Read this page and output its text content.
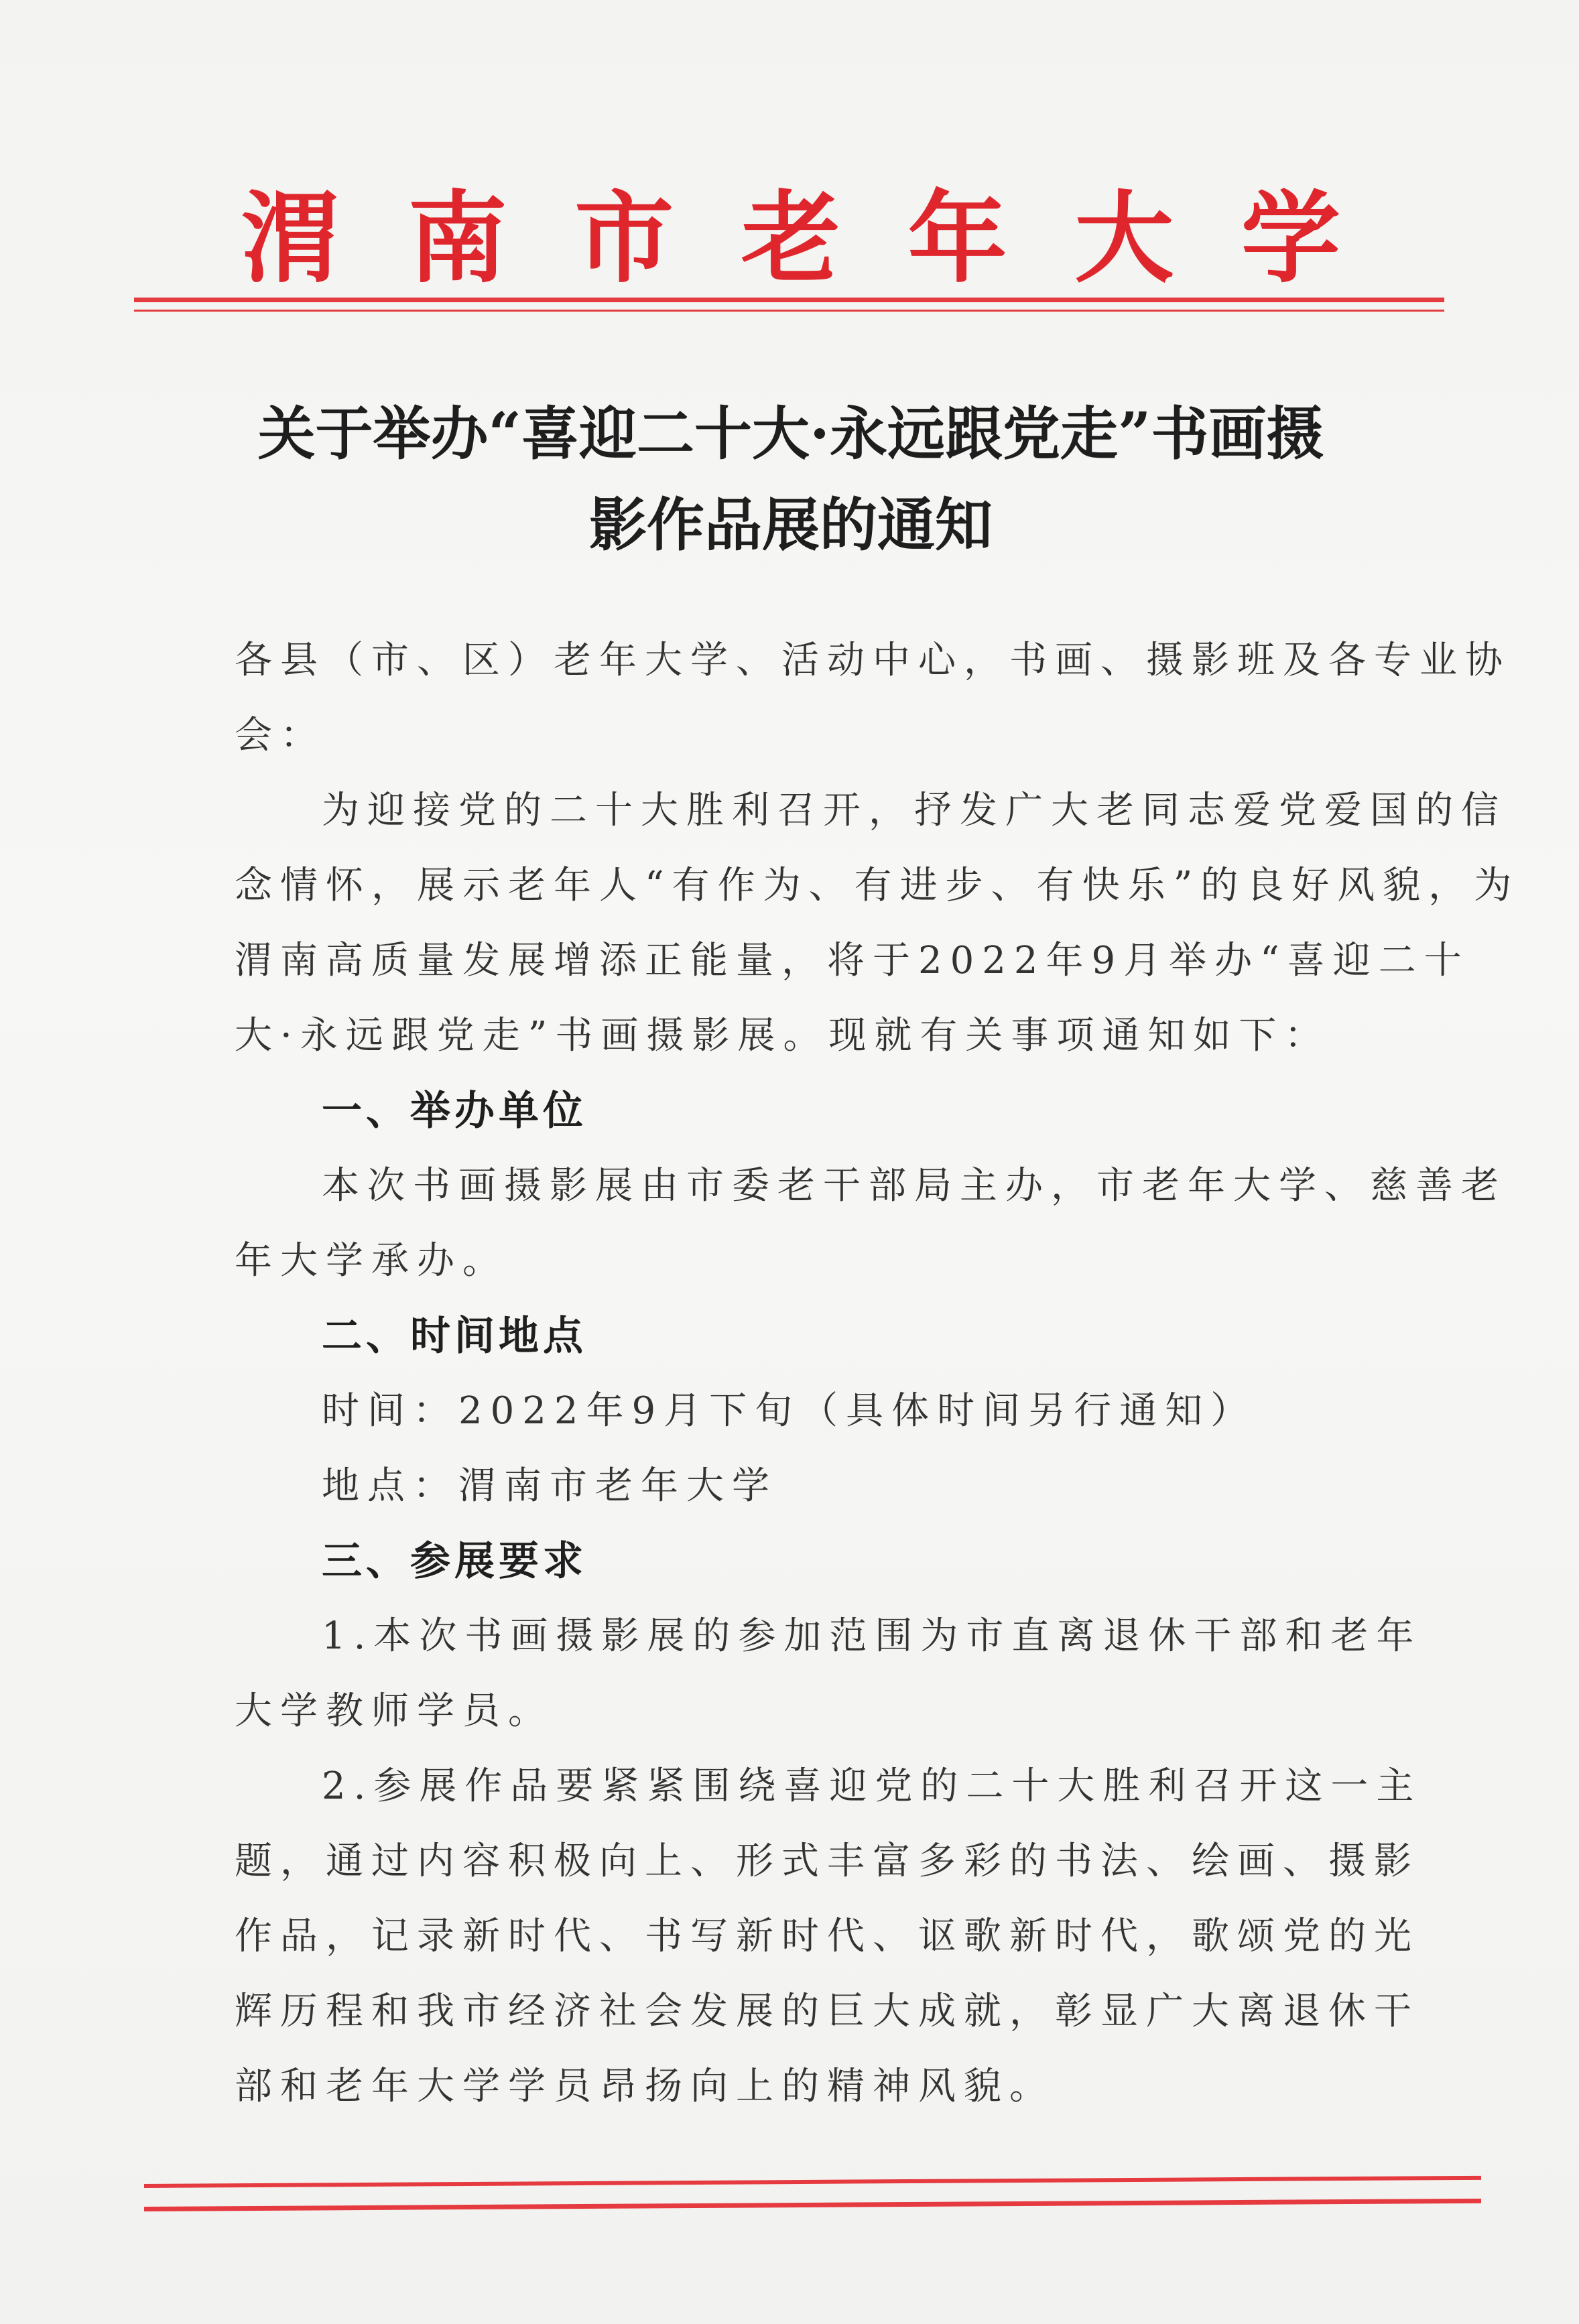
渭 南 市 老 年 大 学
关于举办“喜迎二十大·永远跟党走”书画摄
影作品展的通知
各县（市、区）老年大学、活动中心，书画、摄影班及各专业协
会：
为迎接党的二十大胜利召开，抒发广大老同志爱党爱国的信
念情怀，展示老年人“有作为、有进步、有快乐”的良好风貌，为
渭南高质量发展增添正能量，将于2022年9月举办“喜迎二十
大·永远跟党走”书画摄影展。现就有关事项通知如下：
一、举办单位
本次书画摄影展由市委老干部局主办，市老年大学、慈善老
年大学承办。
二、时间地点
时间：2022年9月下旬（具体时间另行通知）
地点：渭南市老年大学
三、参展要求
1.本次书画摄影展的参加范围为市直离退休干部和老年
大学教师学员。
2.参展作品要紧紧围绕喜迎党的二十大胜利召开这一主
题，通过内容积极向上、形式丰富多彩的书法、绘画、摄影
作品，记录新时代、书写新时代、讴歌新时代，歌颂党的光
辉历程和我市经济社会发展的巨大成就，彰显广大离退休干
部和老年大学学员昂扬向上的精神风貌。
